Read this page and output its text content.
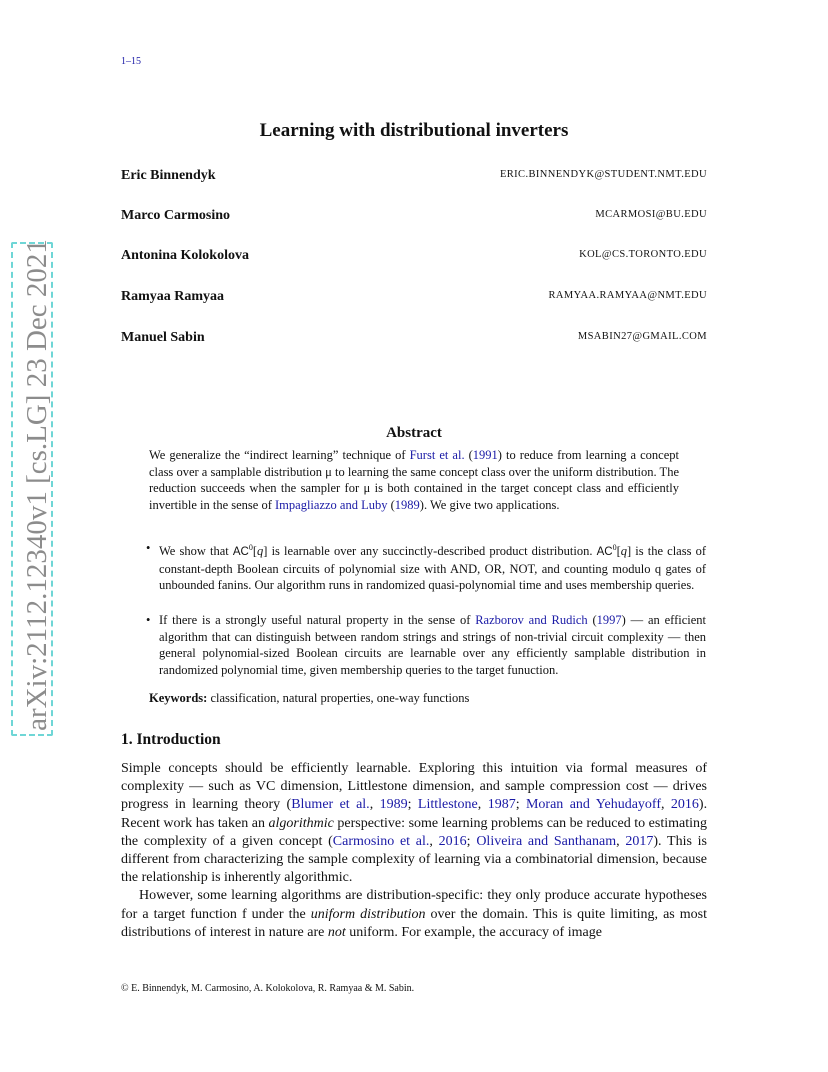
1–15
arXiv:2112.12340v1 [cs.LG] 23 Dec 2021
Learning with distributional inverters
Eric Binnendyk	ERIC.BINNENDYK@STUDENT.NMT.EDU
Marco Carmosino	MCARMOSI@BU.EDU
Antonina Kolokolova	KOL@CS.TORONTO.EDU
Ramyaa Ramyaa	RAMYAA.RAMYAA@NMT.EDU
Manuel Sabin	MSABIN27@GMAIL.COM
Abstract

We generalize the “indirect learning” technique of Furst et al. (1991) to reduce from learning a concept class over a samplable distribution μ to learning the same concept class over the uniform distribution. The reduction succeeds when the sampler for μ is both contained in the target concept class and efficiently invertible in the sense of Impagliazzo and Luby (1989). We give two applications.

• We show that $AC^0[q]$ is learnable over any succinctly-described product distribution. $AC^0[q]$ is the class of constant-depth Boolean circuits of polynomial size with AND, OR, NOT, and counting modulo q gates of unbounded fanins. Our algorithm runs in randomized quasi-polynomial time and uses membership queries.
• If there is a strongly useful natural property in the sense of Razborov and Rudich (1997) — an efficient algorithm that can distinguish between random strings and strings of non-trivial circuit complexity — then general polynomial-sized Boolean circuits are learnable over any efficiently samplable distribution in randomized polynomial time, given membership queries to the target funuction.
Keywords: classification, natural properties, one-way functions
1. Introduction

Simple concepts should be efficiently learnable. Exploring this intuition via formal measures of complexity — such as VC dimension, Littlestone dimension, and sample compression cost — drives progress in learning theory (Blumer et al., 1989; Littlestone, 1987; Moran and Yehudayoff, 2016). Recent work has taken an algorithmic perspective: some learning problems can be reduced to estimating the complexity of a given concept (Carmosino et al., 2016; Oliveira and Santhanam, 2017). This is different from characterizing the sample complexity of learning via a combinatorial dimension, because the relationship is inherently algorithmic.

However, some learning algorithms are distribution-specific: they only produce accurate hypotheses for a target function f under the uniform distribution over the domain. This is quite limiting, as most distributions of interest in nature are not uniform. For example, the accuracy of image

© E. Binnendyk, M. Carmosino, A. Kolokolova, R. Ramyaa & M. Sabin.
